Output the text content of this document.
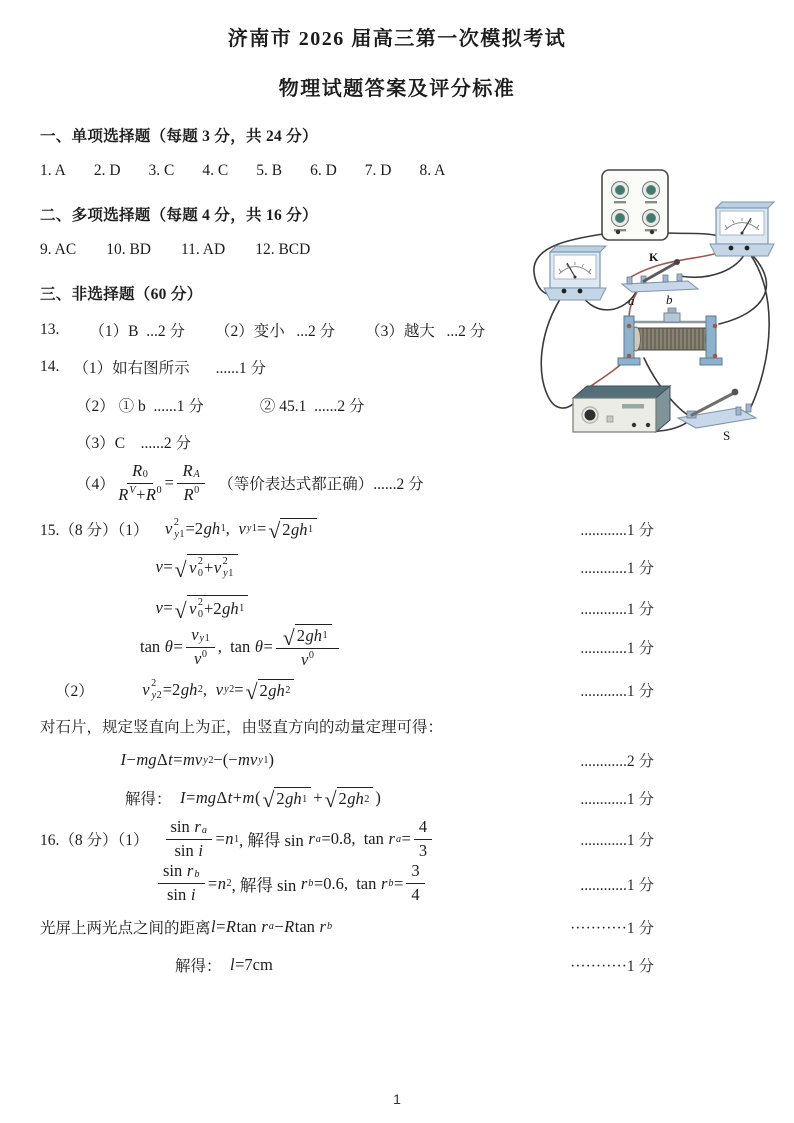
济南市 2026 届高三第一次模拟考试
物理试题答案及评分标准
一、单项选择题（每题 3 分，共 24 分）
1. A 2. D 3. C 4. C 5. B 6. D 7. D 8. A
二、多项选择题（每题 4 分，共 16 分）
9. AC 10. BD 11. AD 12. BCD
三、非选择题（60 分）
13. （1）B  ...2 分 （2）变小   ...2 分 （3）越大   ...2 分
14. （1）如右图所示 ......1 分
（2） ① b  ......1 分	② 45.1  ......2 分
（3）C    ......2 分
（4）
$R_0$
R $^V + R^0$ =
R $_A$
$R^0$ （等价表达式都正确）......2 分
15.（8 分）（1） v 2
y1 =2 gh 1 , v y1 = √ 2 gh 1	............1 分
v = √ v 2
0 + v 2
y1	............1 分
v = √ v 2
0 +2 gh 1	............1 分
tan θ =
v $_{y1}$
$v^0$ ,  tan θ = √ 2 gh 1
$v^0$	............1 分
（2）	v 2
y2 =2 gh 2 , v y2 = √ 2 gh 2	............1 分
对石片，规定竖直向上为正，由竖直方向的动量定理可得：
I − mg Δ t = mv y2 −(− mv y1 )	............2 分
解得： I = mg Δ t + m ( √ 2 gh 1 + √ 2 gh 2 )	............1 分
16.（8 分）（1）
sin r $_a$
sin i
= n 1 , 解得 sin r a =0.8,  tan r a =
4
3	............1 分
sin r $_b$
sin i
= n 2 , 解得 sin r b =0.6,  tan r b =
3
4	............1 分
光屏上两光点之间的距离 l = R tan r a − R tan r b	···········1 分
解得： l =7cm	···········1 分
K
a b
S
1
